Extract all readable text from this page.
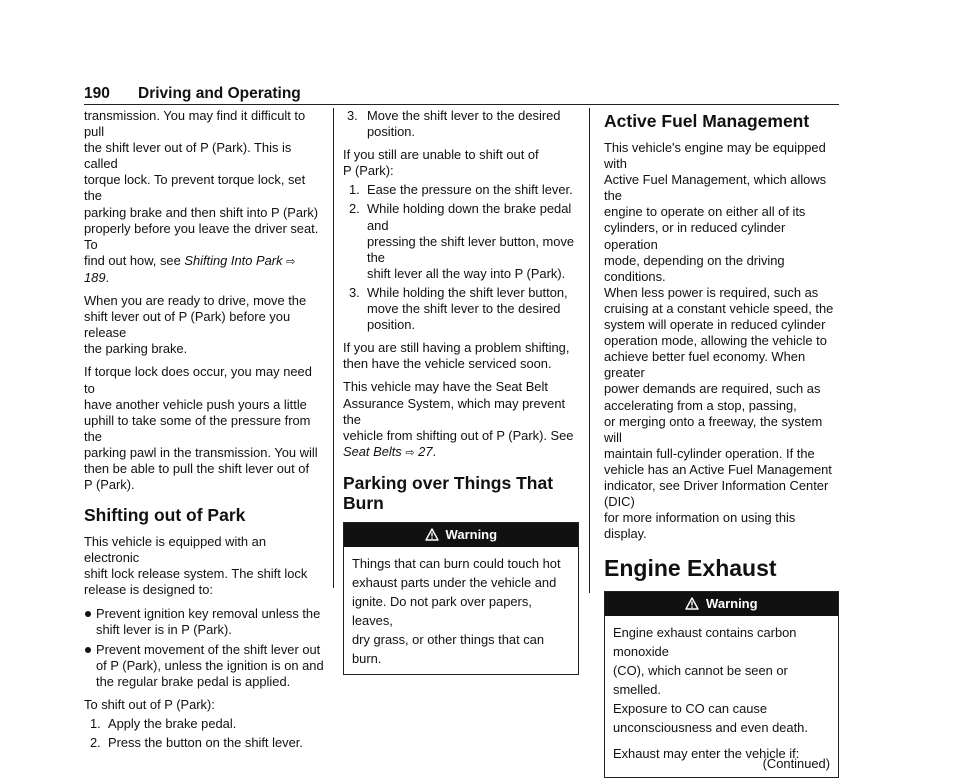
190 Driving and Operating

transmission. You may find it difficult to pull
the shift lever out of P (Park). This is called
torque lock. To prevent torque lock, set the
parking brake and then shift into P (Park)
properly before you leave the driver seat. To
find out how, see Shifting Into Park ⇨ 189.

When you are ready to drive, move the
shift lever out of P (Park) before you release
the parking brake.

If torque lock does occur, you may need to
have another vehicle push yours a little
uphill to take some of the pressure from the
parking pawl in the transmission. You will
then be able to pull the shift lever out of
P (Park).

Shifting out of Park

This vehicle is equipped with an electronic
shift lock release system. The shift lock
release is designed to:

Prevent ignition key removal unless the
shift lever is in P (Park).
Prevent movement of the shift lever out
of P (Park), unless the ignition is on and
the regular brake pedal is applied.

To shift out of P (Park):

1. Apply the brake pedal.
2. Press the button on the shift lever.
3. Move the shift lever to the desired
position.

If you still are unable to shift out of
P (Park):

1. Ease the pressure on the shift lever.
2. While holding down the brake pedal and
pressing the shift lever button, move the
shift lever all the way into P (Park).
3. While holding the shift lever button,
move the shift lever to the desired
position.

If you are still having a problem shifting,
then have the vehicle serviced soon.

This vehicle may have the Seat Belt
Assurance System, which may prevent the
vehicle from shifting out of P (Park). See
Seat Belts ⇨ 27.

Parking over Things That Burn
Warning
Things that can burn could touch hot
exhaust parts under the vehicle and
ignite. Do not park over papers, leaves,
dry grass, or other things that can burn.
Active Fuel Management

This vehicle's engine may be equipped with
Active Fuel Management, which allows the
engine to operate on either all of its
cylinders, or in reduced cylinder operation
mode, depending on the driving conditions.
When less power is required, such as
cruising at a constant vehicle speed, the
system will operate in reduced cylinder
operation mode, allowing the vehicle to
achieve better fuel economy. When greater
power demands are required, such as
accelerating from a stop, passing,
or merging onto a freeway, the system will
maintain full-cylinder operation. If the
vehicle has an Active Fuel Management
indicator, see Driver Information Center (DIC)
for more information on using this display.

Engine Exhaust
Warning

Engine exhaust contains carbon monoxide
(CO), which cannot be seen or smelled.
Exposure to CO can cause
unconsciousness and even death.

Exhaust may enter the vehicle if:

(Continued)
